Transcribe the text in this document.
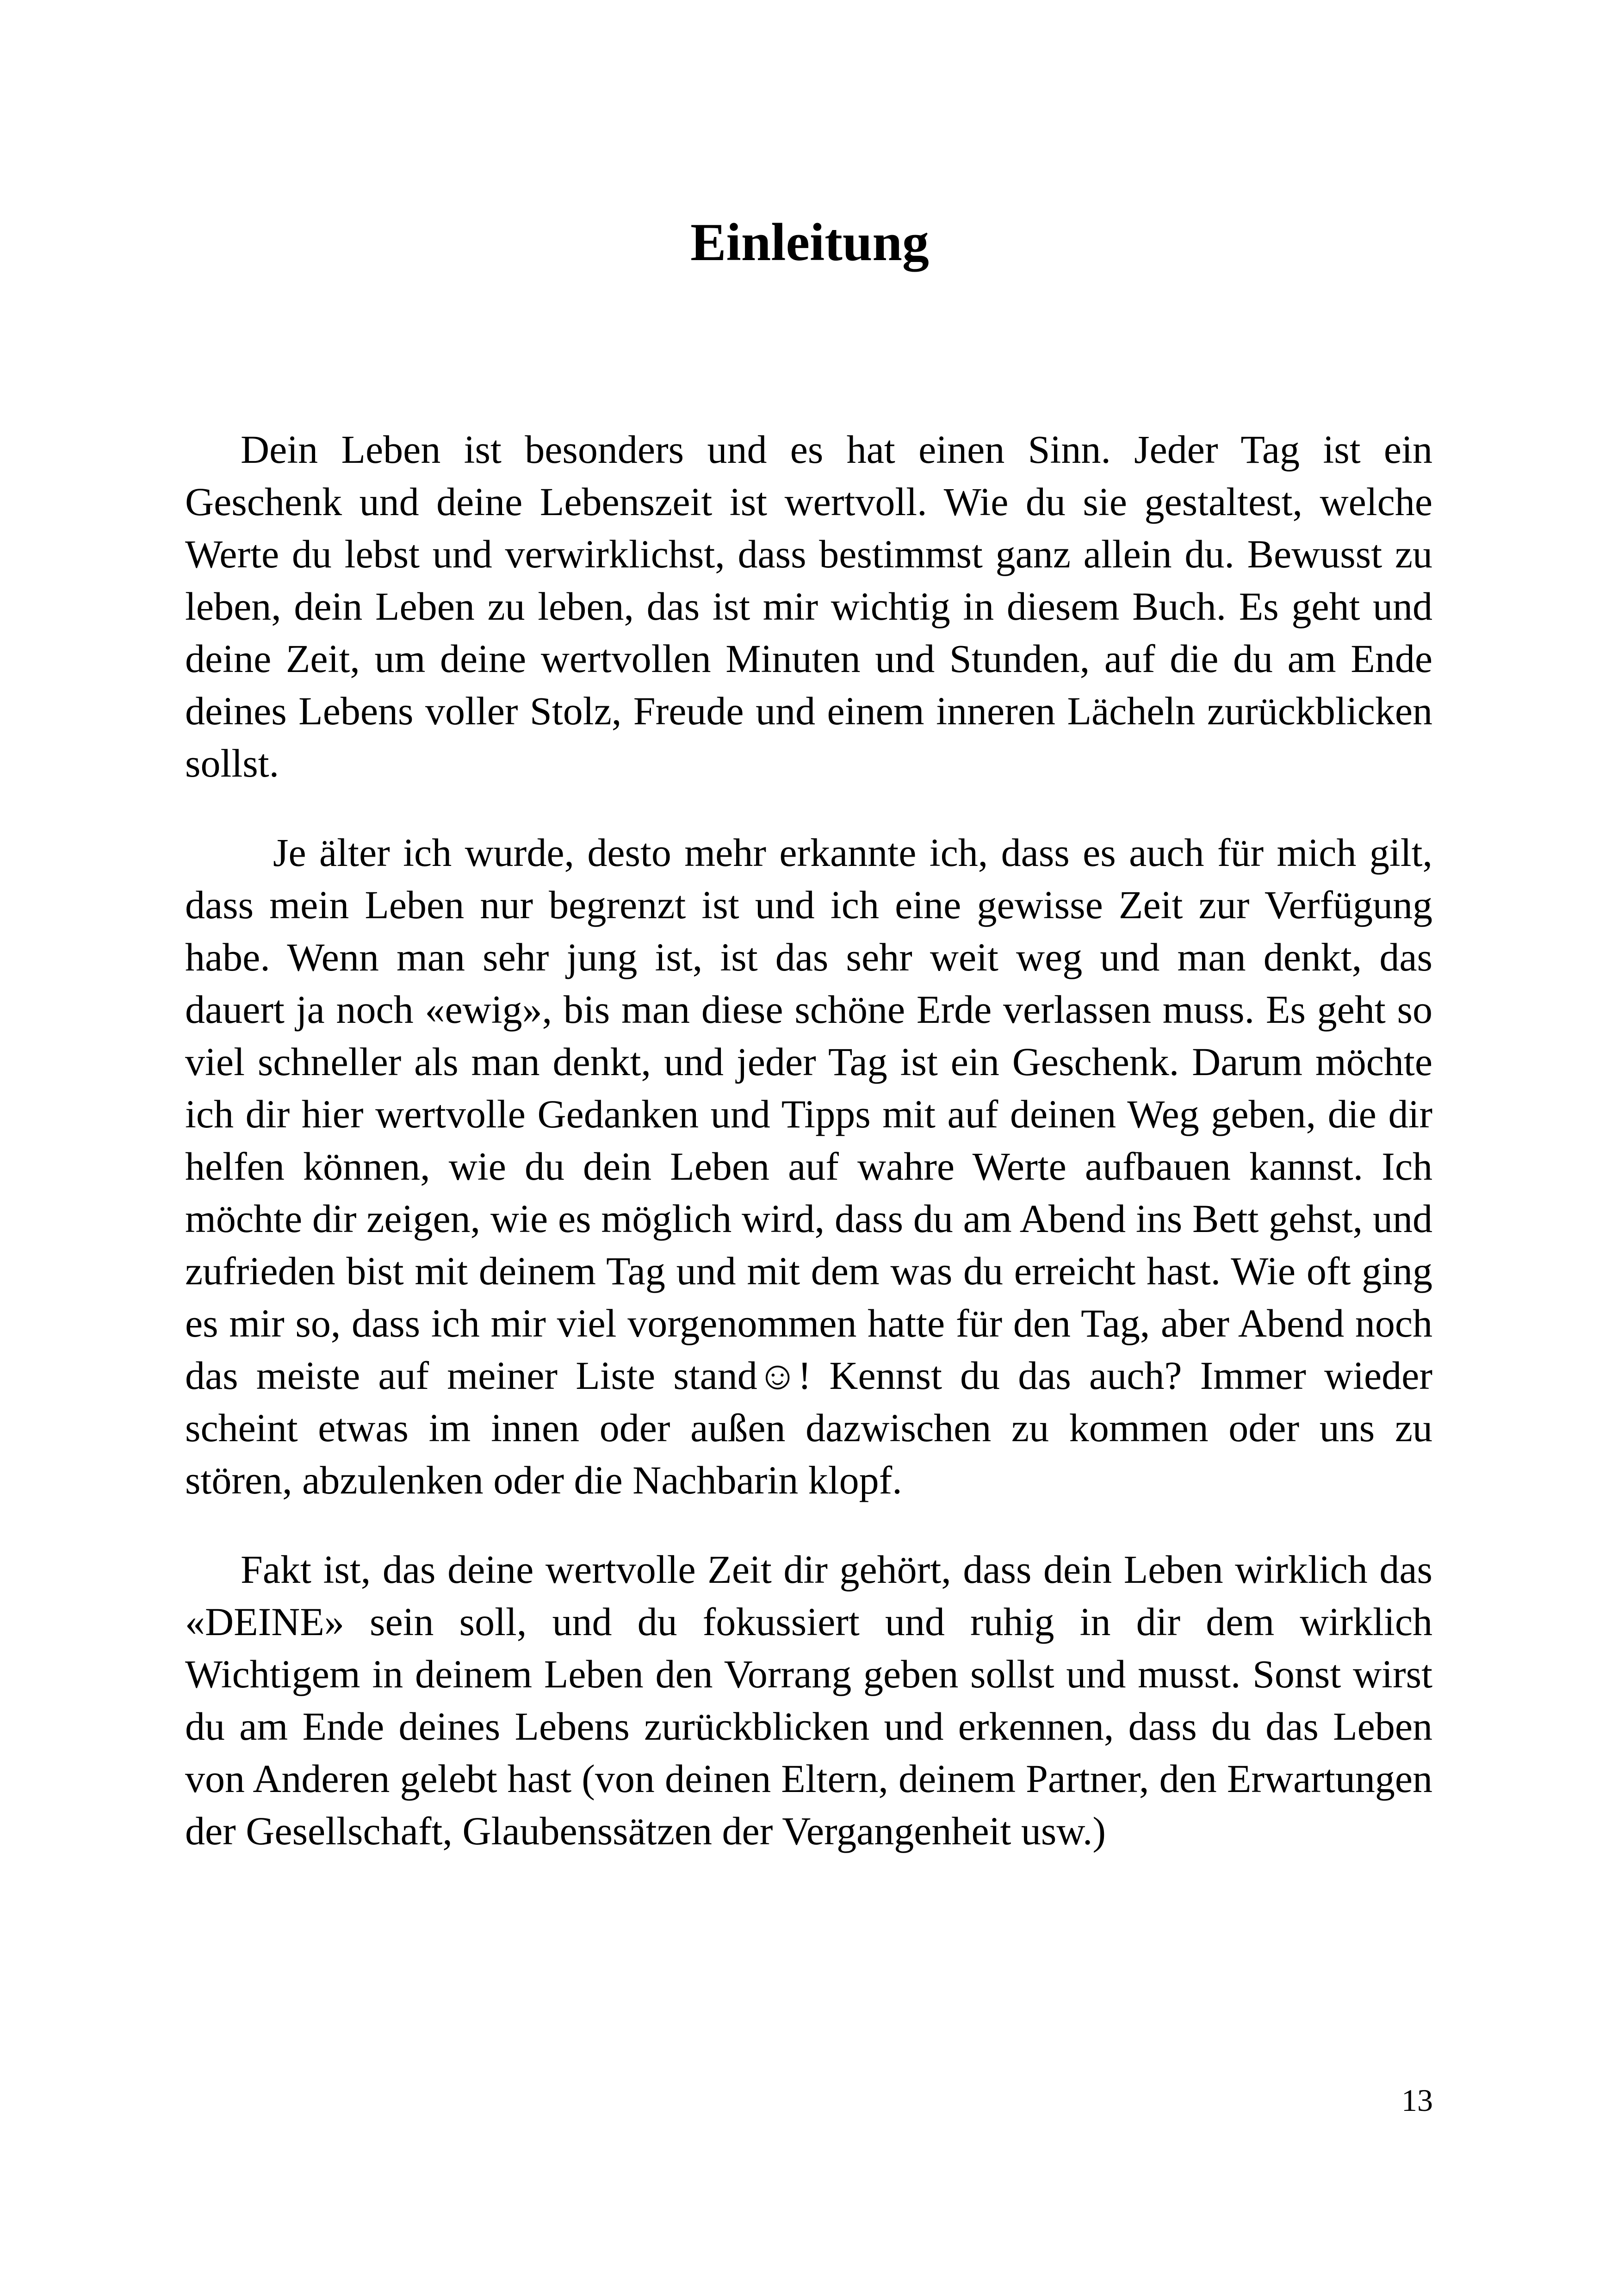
Einleitung

Dein Leben ist besonders und es hat einen Sinn. Jeder Tag ist ein Geschenk und deine Lebenszeit ist wertvoll. Wie du sie gestaltest, welche Werte du lebst und verwirklichst, dass bestimmst ganz allein du. Bewusst zu leben, dein Leben zu leben, das ist mir wichtig in diesem Buch. Es geht und deine Zeit, um deine wertvollen Minuten und Stunden, auf die du am Ende deines Lebens voller Stolz, Freude und einem inneren Lächeln zurückblicken sollst.

Je älter ich wurde, desto mehr erkannte ich, dass es auch für mich gilt, dass mein Leben nur begrenzt ist und ich eine gewisse Zeit zur Verfügung habe. Wenn man sehr jung ist, ist das sehr weit weg und man denkt, das dauert ja noch «ewig», bis man diese schöne Erde verlassen muss. Es geht so viel schneller als man denkt, und jeder Tag ist ein Geschenk. Darum möchte ich dir hier wertvolle Gedanken und Tipps mit auf deinen Weg geben, die dir helfen können, wie du dein Leben auf wahre Werte aufbauen kannst. Ich möchte dir zeigen, wie es möglich wird, dass du am Abend ins Bett gehst, und zufrieden bist mit deinem Tag und mit dem was du erreicht hast. Wie oft ging es mir so, dass ich mir viel vorgenommen hatte für den Tag, aber Abend noch das meiste auf meiner Liste stand☺! Kennst du das auch? Immer wieder scheint etwas im innen oder außen dazwischen zu kommen oder uns zu stören, abzulenken oder die Nachbarin klopf.

Fakt ist, das deine wertvolle Zeit dir gehört, dass dein Leben wirklich das «DEINE» sein soll, und du fokussiert und ruhig in dir dem wirklich Wichtigem in deinem Leben den Vorrang geben sollst und musst. Sonst wirst du am Ende deines Lebens zurückblicken und erkennen, dass du das Leben von Anderen gelebt hast (von deinen Eltern, deinem Partner, den Erwartungen der Gesellschaft, Glaubenssätzen der Vergangenheit usw.)

13
